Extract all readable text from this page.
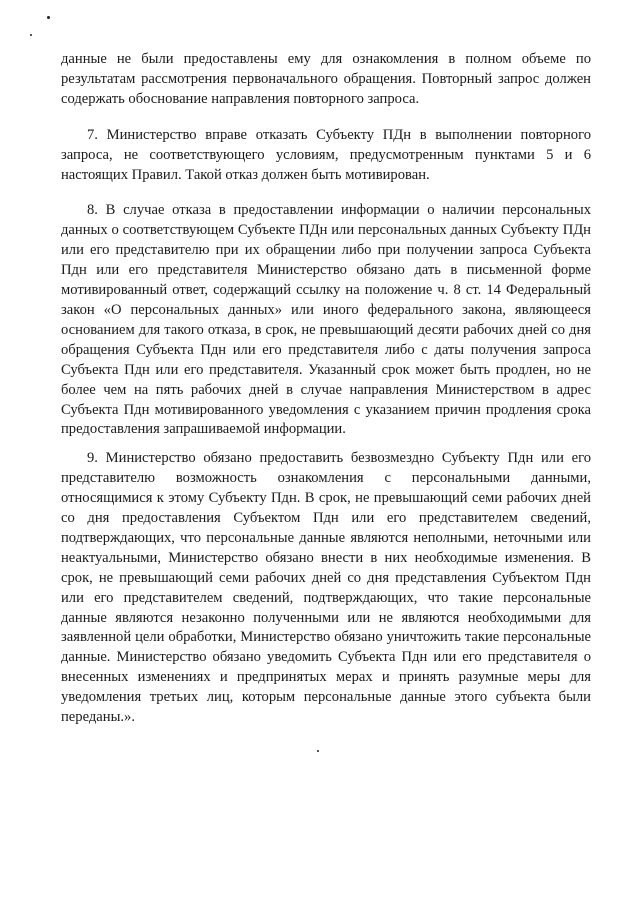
данные не были предоставлены ему для ознакомления в полном объеме по результатам рассмотрения первоначального обращения. Повторный запрос должен содержать обоснование направления повторного запроса.

7. Министерство вправе отказать Субъекту ПДн в выполнении повторного запроса, не соответствующего условиям, предусмотренным пунктами 5 и 6 настоящих Правил. Такой отказ должен быть мотивирован.

8. В случае отказа в предоставлении информации о наличии персональных данных о соответствующем Субъекте ПДн или персональных данных Субъекту ПДн или его представителю при их обращении либо при получении запроса Субъекта Пдн или его представителя Министерство обязано дать в письменной форме мотивированный ответ, содержащий ссылку на положение ч. 8 ст. 14 Федеральный закон «О персональных данных» или иного федерального закона, являющееся основанием для такого отказа, в срок, не превышающий десяти рабочих дней со дня обращения Субъекта Пдн или его представителя либо с даты получения запроса Субъекта Пдн или его представителя. Указанный срок может быть продлен, но не более чем на пять рабочих дней в случае направления Министерством в адрес Субъекта Пдн мотивированного уведомления с указанием причин продления срока предоставления запрашиваемой информации.

9. Министерство обязано предоставить безвозмездно Субъекту Пдн или его представителю возможность ознакомления с персональными данными, относящимися к этому Субъекту Пдн. В срок, не превышающий семи рабочих дней со дня предоставления Субъектом Пдн или его представителем сведений, подтверждающих, что персональные данные являются неполными, неточными или неактуальными, Министерство обязано внести в них необходимые изменения. В срок, не превышающий семи рабочих дней со дня представления Субъектом Пдн или его представителем сведений, подтверждающих, что такие персональные данные являются незаконно полученными или не являются необходимыми для заявленной цели обработки, Министерство обязано уничтожить такие персональные данные. Министерство обязано уведомить Субъекта Пдн или его представителя о внесенных изменениях и предпринятых мерах и принять разумные меры для уведомления третьих лиц, которым персональные данные этого субъекта были переданы.».
